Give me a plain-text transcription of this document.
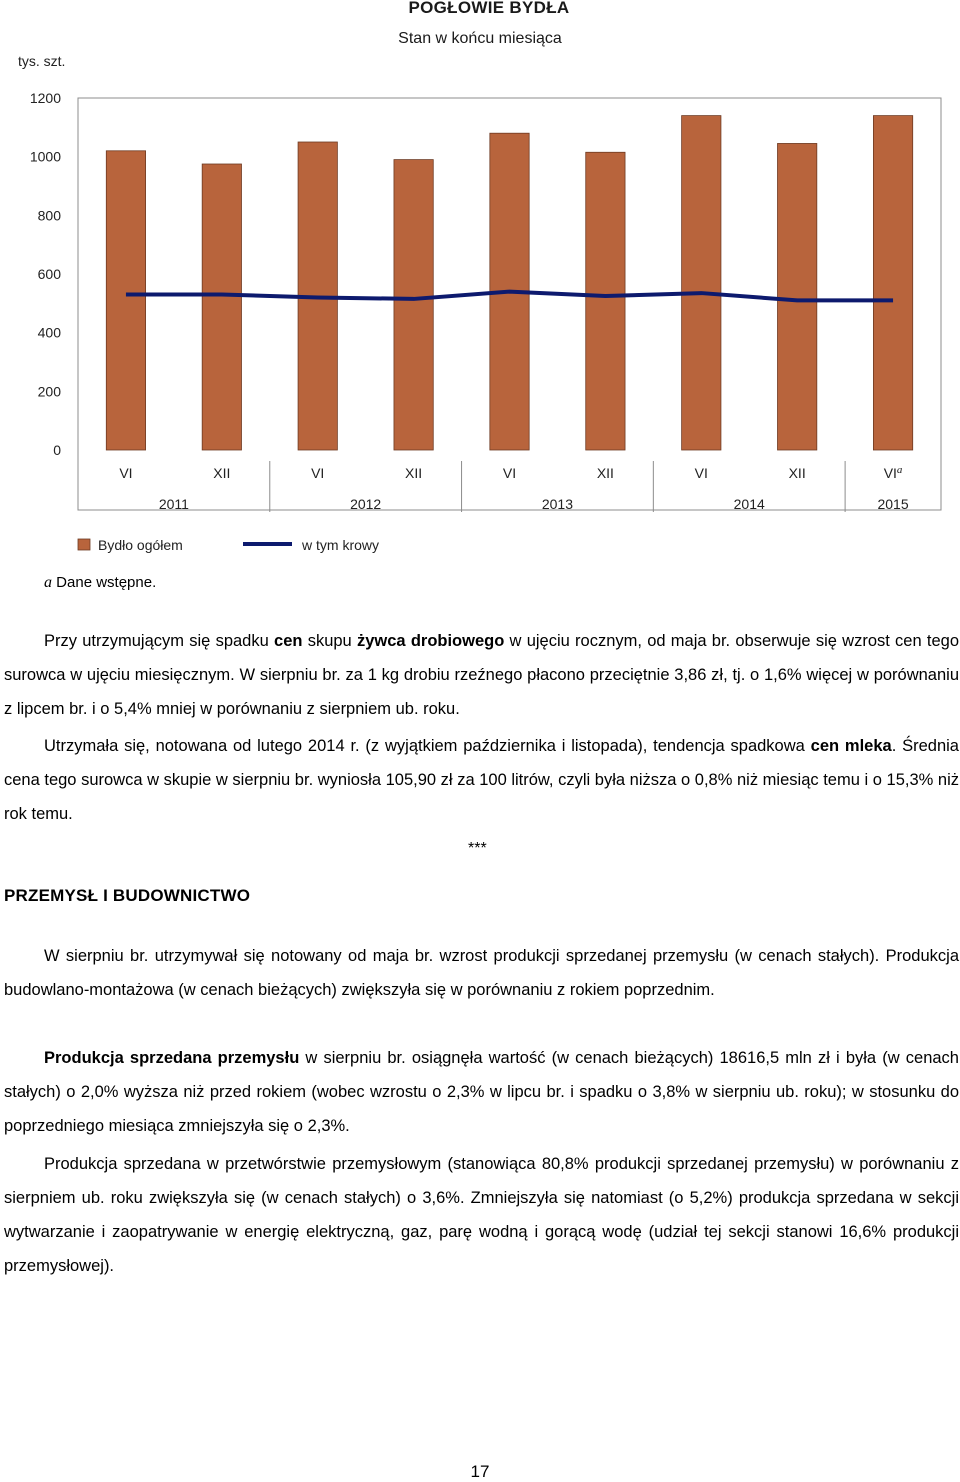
POGŁOWIE BYDŁA
Stan w końcu miesiąca
tys. szt.
0
200
400
600
800
1000
1200
VI	XII	VI	XII	VI	XII	VI	XII	$VI^a$
2011	2012	2013	2014	2015
Bydło ogółem	w tym krowy
a Dane wstępne.
Przy utrzymującym się spadku cen skupu żywca drobiowego w ujęciu rocznym, od maja br. obserwuje się wzrost cen tego surowca w ujęciu miesięcznym. W sierpniu br. za 1 kg drobiu rzeźnego płacono przeciętnie 3,86 zł, tj. o 1,6% więcej w porównaniu z lipcem br. i o 5,4% mniej w porównaniu z sierpniem ub. roku.
Utrzymała się, notowana od lutego 2014 r. (z wyjątkiem października i listopada), tendencja spadkowa cen mleka. Średnia cena tego surowca w skupie w sierpniu br. wyniosła 105,90 zł za 100 litrów, czyli była niższa o 0,8% niż miesiąc temu i o 15,3% niż rok temu.
***
PRZEMYSŁ I BUDOWNICTWO
W sierpniu br. utrzymywał się notowany od maja br. wzrost produkcji sprzedanej przemysłu (w cenach stałych). Produkcja budowlano-montażowa (w cenach bieżących) zwiększyła się w porównaniu z rokiem poprzednim.
Produkcja sprzedana przemysłu w sierpniu br. osiągnęła wartość (w cenach bieżących) 18616,5 mln zł i była (w cenach stałych) o 2,0% wyższa niż przed rokiem (wobec wzrostu o 2,3% w lipcu br. i spadku o 3,8% w sierpniu ub. roku); w stosunku do poprzedniego miesiąca zmniejszyła się o 2,3%.
Produkcja sprzedana w przetwórstwie przemysłowym (stanowiąca 80,8% produkcji sprzedanej przemysłu) w porównaniu z sierpniem ub. roku zwiększyła się (w cenach stałych) o 3,6%. Zmniejszyła się natomiast (o 5,2%) produkcja sprzedana w sekcji wytwarzanie i zaopatrywanie w energię elektryczną, gaz, parę wodną i gorącą wodę (udział tej sekcji stanowi 16,6% produkcji przemysłowej).
17
